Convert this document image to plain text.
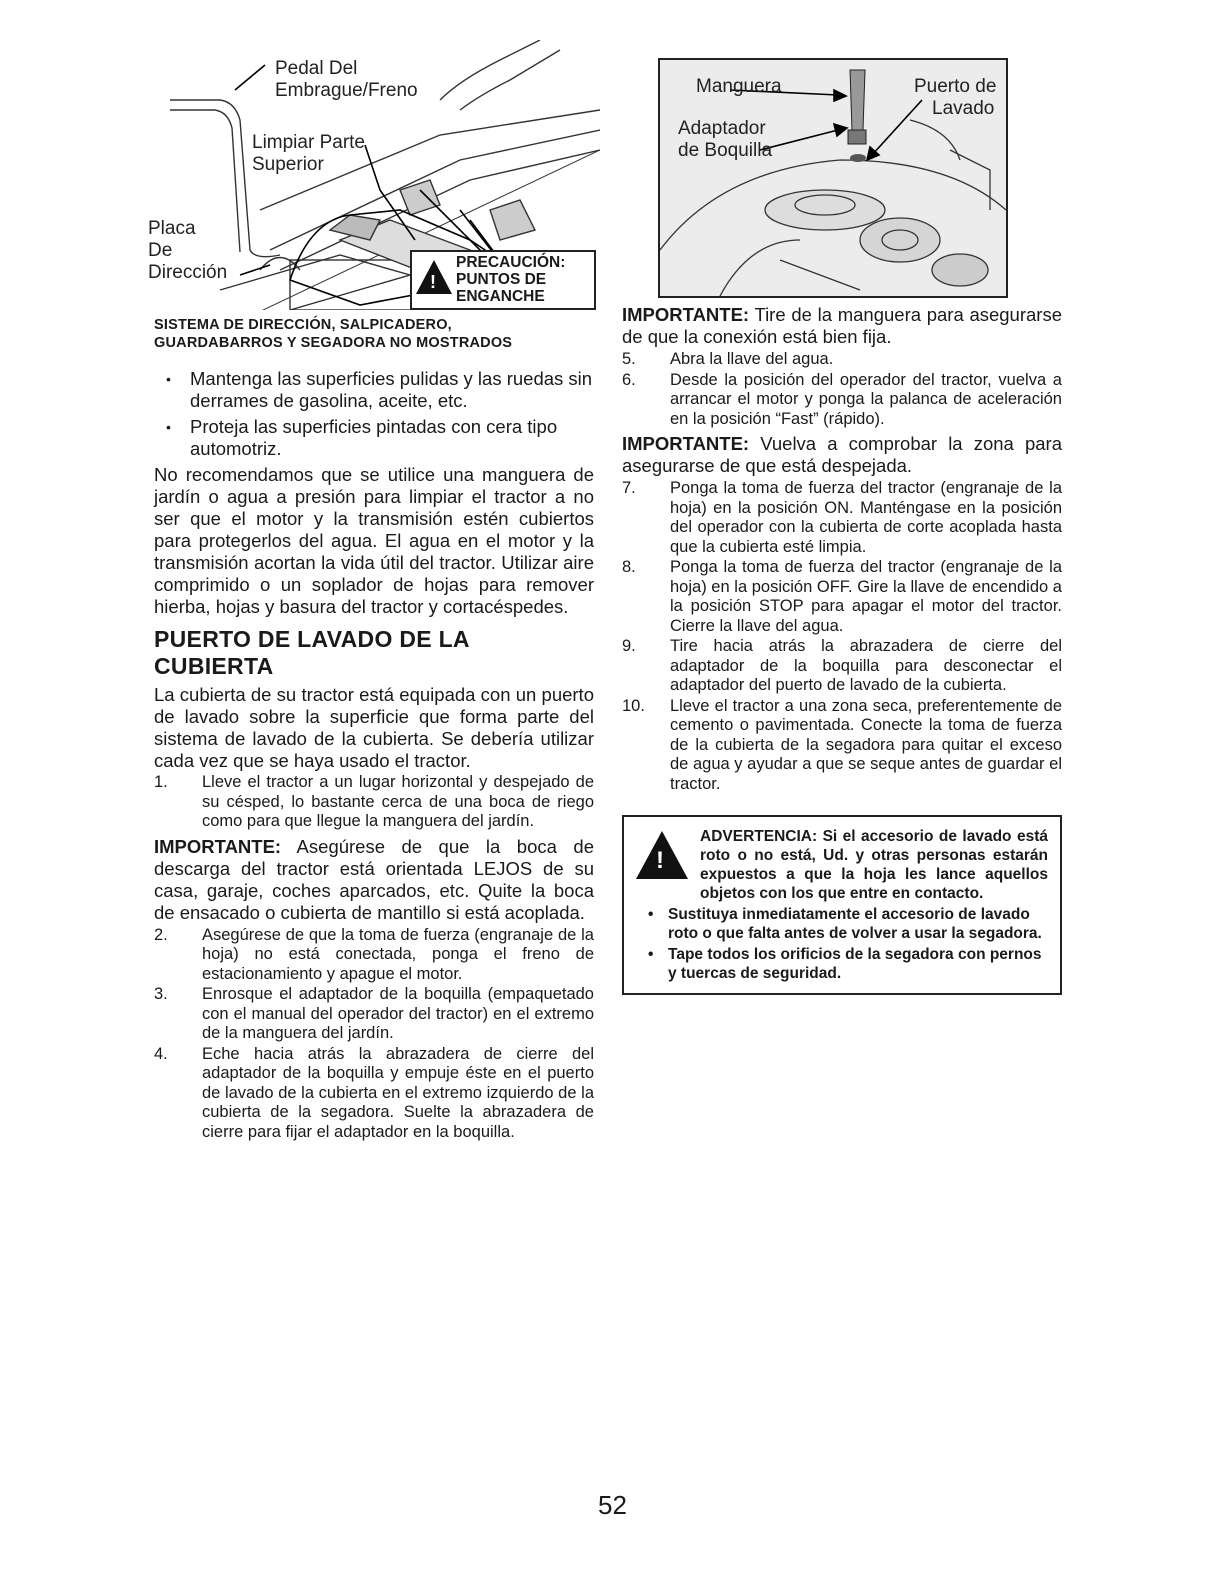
Pedal Del
Embrague/Freno
Limpiar Parte
Superior
Placa
De
Dirección	!
PRECAUCIÓN:
PUNTOS DE
ENGANCHE
SISTEMA DE DIRECCIÓN, SALPICADERO,
GUARDABARROS Y SEGADORA NO MOSTRADOS
• Mantenga las superficies pulidas y las ruedas sin derrames de gasolina, aceite, etc.
• Proteja las superficies pintadas con cera tipo automotriz.
No recomendamos que se utilice una manguera de jardín o agua a presión para limpiar el tractor a no ser que el motor y la transmisión estén cubiertos para protegerlos del agua. El agua en el motor y la transmisión acortan la vida útil del tractor. Utilizar aire comprimido o un soplador de hojas para remover hierba, hojas y basura del tractor y cortacéspedes.
PUERTO DE LAVADO DE LA CUBIERTA
La cubierta de su tractor está equipada con un puerto de lavado sobre la superficie que forma parte del sistema de lavado de la cubierta. Se debería utilizar cada vez que se haya usado el tractor.
1.	Lleve el tractor a un lugar horizontal y despejado de su césped, lo bastante cerca de una boca de riego como para que llegue la manguera del jardín.
IMPORTANTE: Asegúrese de que la boca de descarga del tractor está orientada LEJOS de su casa, garaje, coches aparcados, etc. Quite la boca de ensacado o cubierta de mantillo si está acoplada.
2.	Asegúrese de que la toma de fuerza (engranaje de la hoja) no está conectada, ponga el freno de estacionamiento y apague el motor.
3.	Enrosque el adaptador de la boquilla (empaquetado con el manual del operador del tractor) en el extremo de la manguera del jardín.
4.	Eche hacia atrás la abrazadera de cierre del adaptador de la boquilla y empuje éste en el puerto de lavado de la cubierta en el extremo izquierdo de la cubierta de la segadora. Suelte la abrazadera de cierre para fijar el adaptador en la boquilla.
Manguera
Adaptador
de Boquilla
Puerto de
Lavado
IMPORTANTE: Tire de la manguera para asegurarse de que la conexión está bien fija.
5.	Abra la llave del agua.
6.	Desde la posición del operador del tractor, vuelva a arrancar el motor y ponga la palanca de aceleración en la posición “Fast” (rápido).
IMPORTANTE: Vuelva a comprobar la zona para asegurarse de que está despejada.
7.	Ponga la toma de fuerza del tractor (engranaje de la hoja) en la posición ON. Manténgase en la posición del operador con la cubierta de corte acoplada hasta que la cubierta esté limpia.
8.	Ponga la toma de fuerza del tractor (engranaje de la hoja) en la posición OFF. Gire la llave de encendido a la posición STOP para apagar el motor del tractor. Cierre la llave del agua.
9.	Tire hacia atrás la abrazadera de cierre del adaptador de la boquilla para desconectar el adaptador del puerto de lavado de la cubierta.
10.	Lleve el tractor a una zona seca, preferentemente de cemento o pavimentada. Conecte la toma de fuerza de la cubierta de la segadora para quitar el exceso de agua y ayudar a que se seque antes de guardar el tractor.
!
ADVERTENCIA: Si el accesorio de lavado está roto o no está, Ud. y otras personas estarán expuestos a que la hoja les lance aquellos objetos con los que entre en contacto.
• Sustituya inmediatamente el accesorio de lavado roto o que falta antes de volver a usar la segadora.
• Tape todos los orificios de la segadora con pernos y tuercas de seguridad.
52
